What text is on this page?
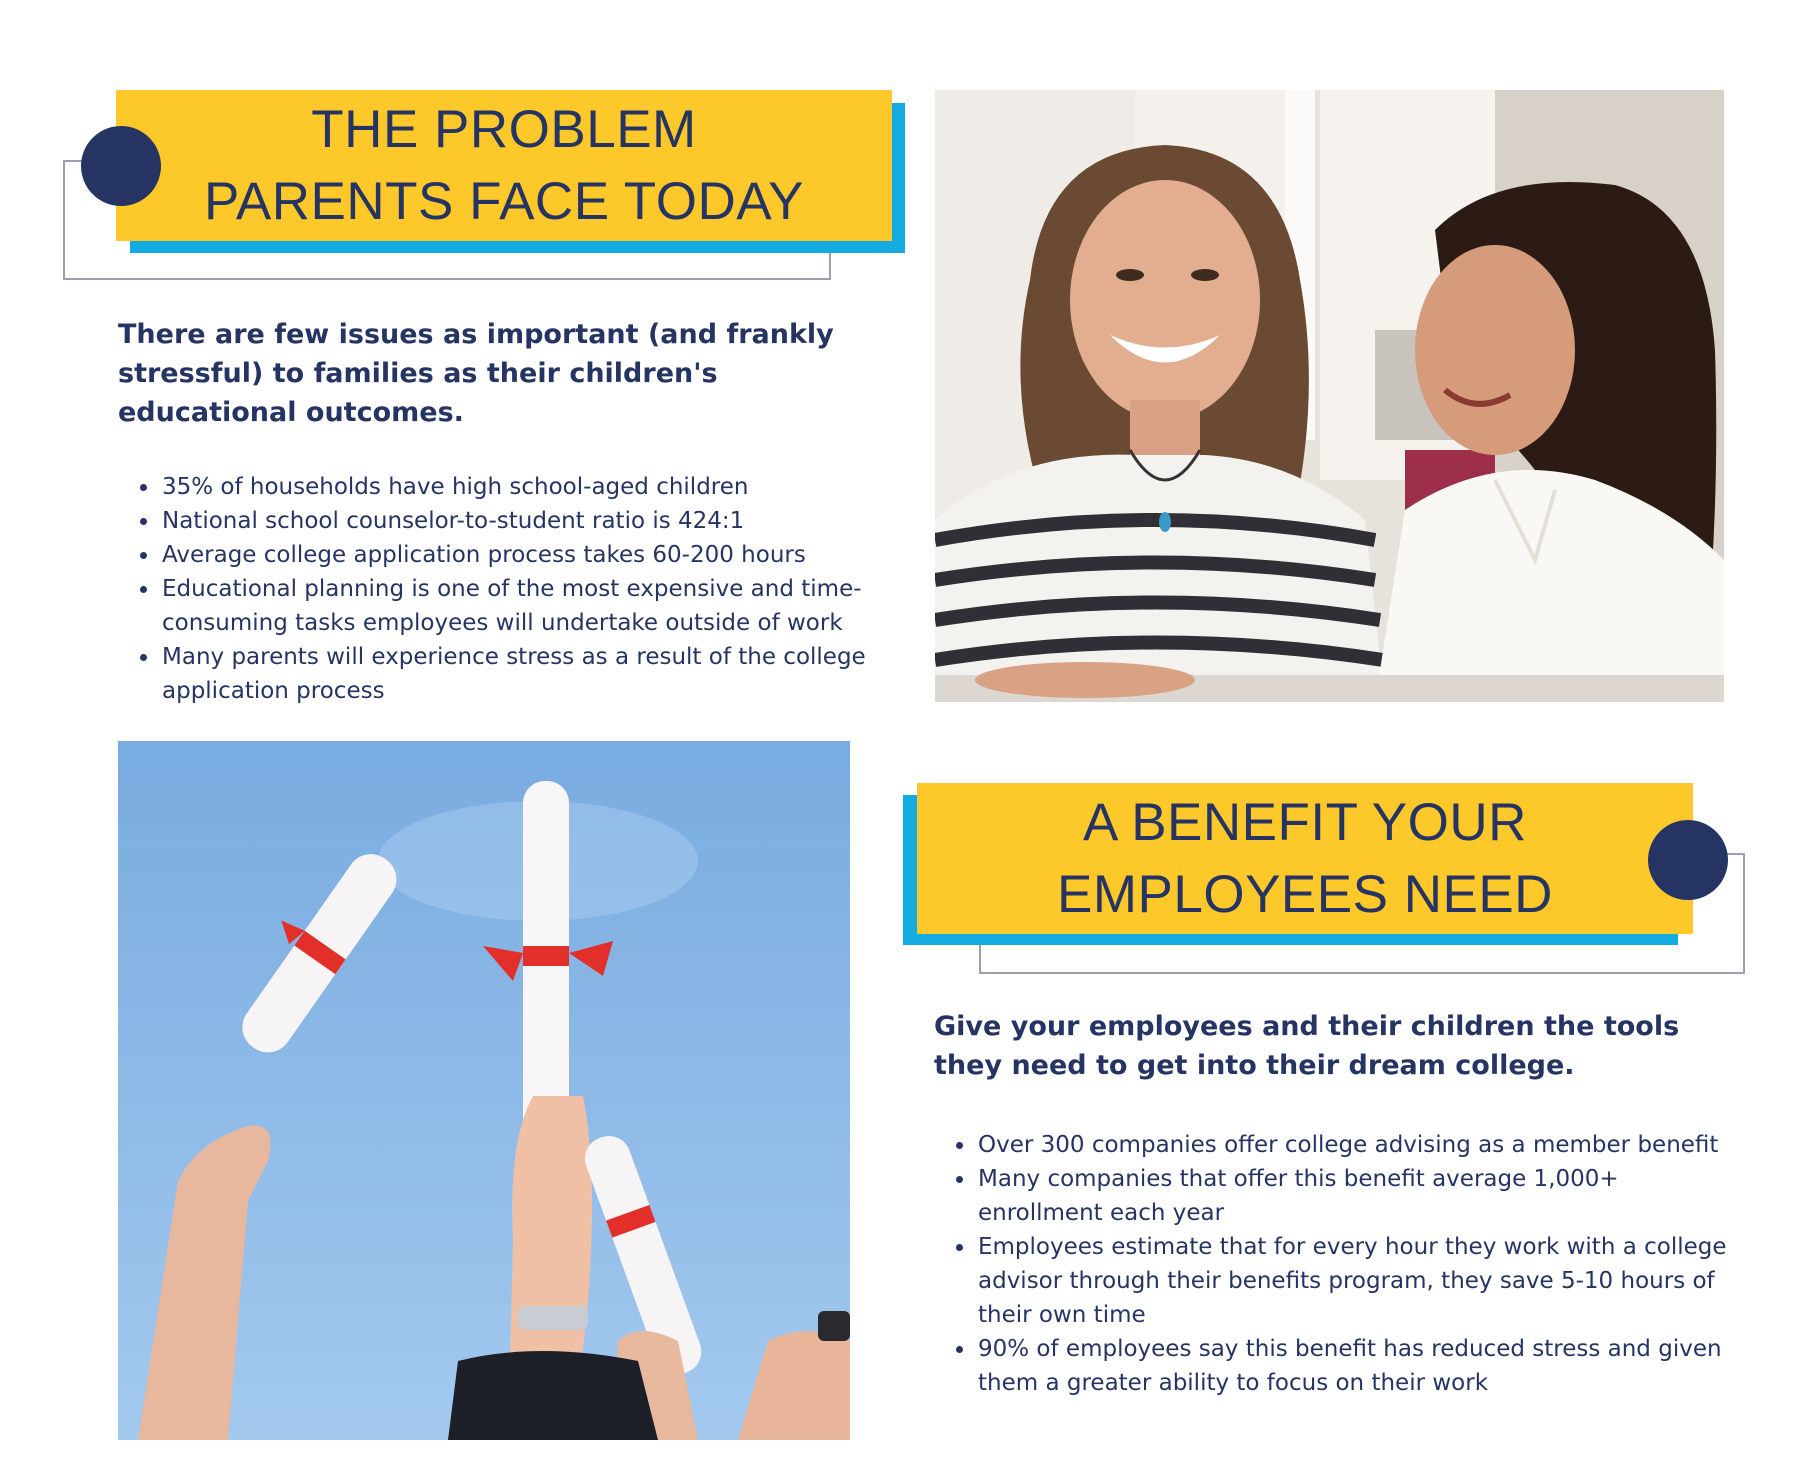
THE PROBLEM
PARENTS FACE TODAY

There are few issues as important (and frankly stressful) to families as their children's educational outcomes.

• 35% of households have high school-aged children
• National school counselor-to-student ratio is 424:1
• Average college application process takes 60-200 hours
• Educational planning is one of the most expensive and time-consuming tasks employees will undertake outside of work
• Many parents will experience stress as a result of the college application process
A BENEFIT YOUR
EMPLOYEES NEED

Give your employees and their children the tools they need to get into their dream college.

• Over 300 companies offer college advising as a member benefit
• Many companies that offer this benefit average 1,000+ enrollment each year
• Employees estimate that for every hour they work with a college advisor through their benefits program, they save 5-10 hours of their own time
• 90% of employees say this benefit has reduced stress and given them a greater ability to focus on their work
